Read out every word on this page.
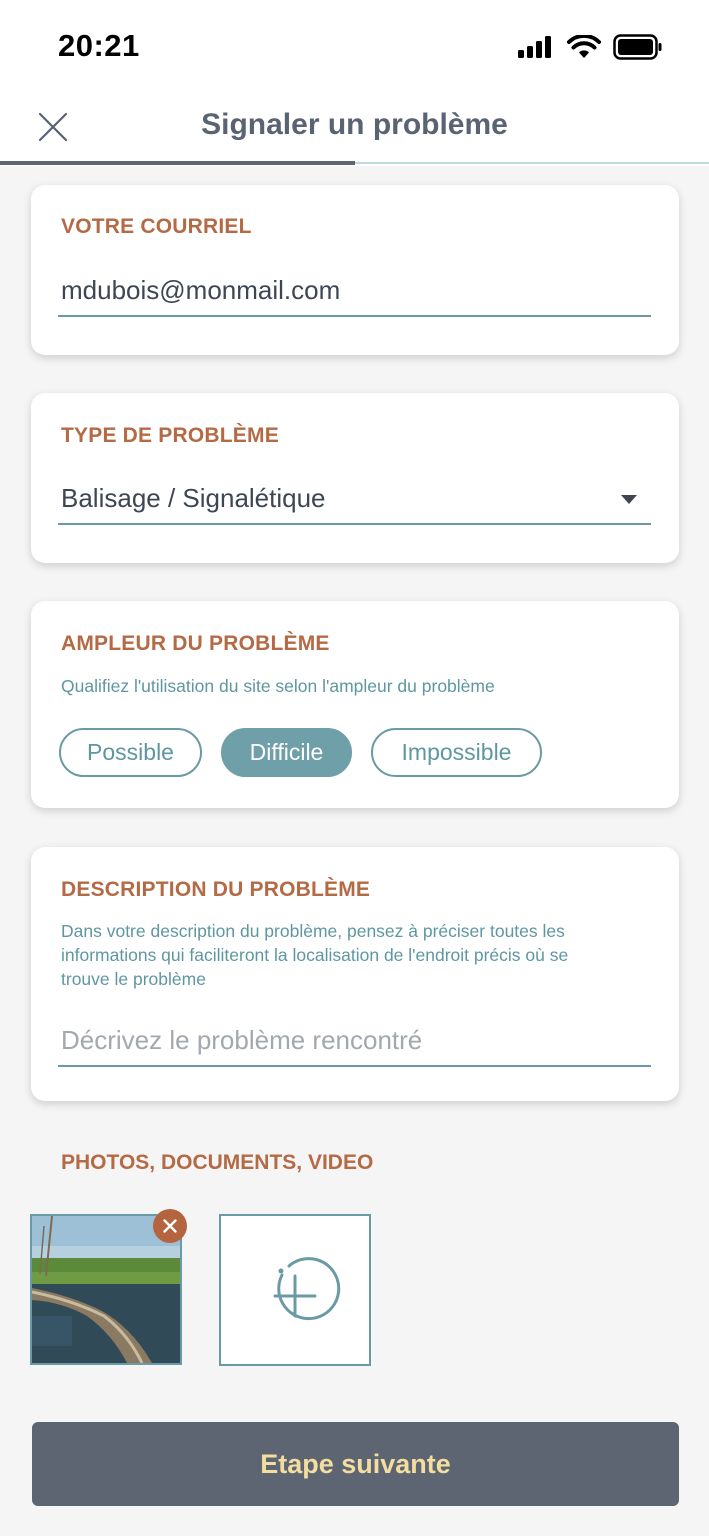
20:21
Signaler un problème
VOTRE COURRIEL
mdubois@monmail.com
TYPE DE PROBLÈME
Balisage / Signalétique
AMPLEUR DU PROBLÈME
Qualifiez l'utilisation du site selon l'ampleur du problème
Possible	Difficile	Impossible
DESCRIPTION DU PROBLÈME
Dans votre description du problème, pensez à préciser toutes les informations qui faciliteront la localisation de l'endroit précis où se trouve le problème
Décrivez le problème rencontré
PHOTOS, DOCUMENTS, VIDEO
Etape suivante
